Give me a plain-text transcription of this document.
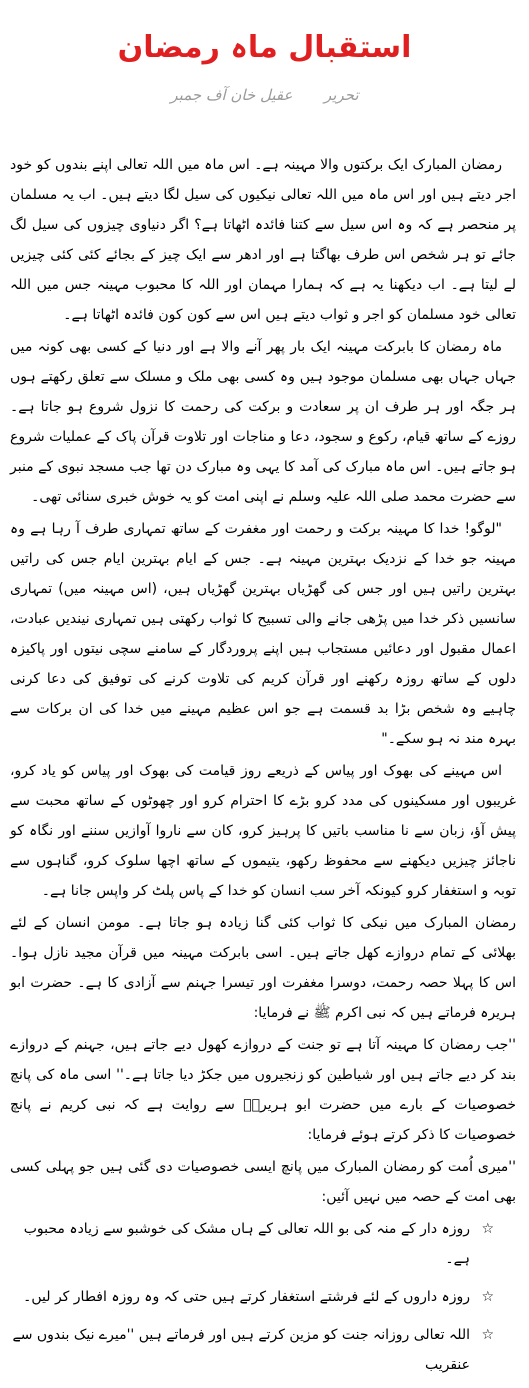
استقبال ماہ رمضان
تحریر  عقیل خان آف جمبر

رمضان المبارک ایک برکتوں والا مہینہ ہے۔ اس ماہ میں اللہ تعالی اپنے بندوں کو خود اجر دیتے ہیں اور اس ماہ میں اللہ تعالی نیکیوں کی سیل لگا دیتے ہیں۔ اب یہ مسلمان پر منحصر ہے کہ وہ اس سیل سے کتنا فائدہ اٹھاتا ہے؟ اگر دنیاوی چیزوں کی سیل لگ جائے تو ہر شخص اس طرف بھاگتا ہے اور ادھر سے ایک چیز کے بجائے کئی کئی چیزیں لے لیتا ہے۔ اب دیکھنا یہ ہے کہ ہمارا مہمان اور اللہ کا محبوب مہینہ جس میں اللہ تعالی خود مسلمان کو اجر و ثواب دیتے ہیں اس سے کون کون فائدہ اٹھاتا ہے۔

ماہ رمضان کا بابرکت مہینہ ایک بار پھر آنے والا ہے اور دنیا کے کسی بھی کونہ میں جہاں جہاں بھی مسلمان موجود ہیں وہ کسی بھی ملک و مسلک سے تعلق رکھتے ہوں ہر جگہ اور ہر طرف ان پر سعادت و برکت کی رحمت کا نزول شروع ہو جاتا ہے۔ روزے کے ساتھ قیام، رکوع و سجود، دعا و مناجات اور تلاوت قرآن پاک کے عملیات شروع ہو جاتے ہیں۔ اس ماہ مبارک کی آمد کا یہی وہ مبارک دن تھا جب مسجد نبوی کے منبر سے حضرت محمد صلی اللہ علیہ وسلم نے اپنی امت کو یہ خوش خبری سنائی تھی۔

"لوگو! خدا کا مہینہ برکت و رحمت اور مغفرت کے ساتھ تمہاری طرف آ رہا ہے وہ مہینہ جو خدا کے نزدیک بہترین مہینہ ہے۔ جس کے ایام بہترین ایام جس کی راتیں بہترین راتیں ہیں اور جس کی گھڑیاں بہترین گھڑیاں ہیں، (اس مہینہ میں) تمہاری سانسیں ذکر خدا میں پڑھی جانے والی تسبیح کا ثواب رکھتی ہیں تمہاری نیندیں عبادت، اعمال مقبول اور دعائیں مستجاب ہیں اپنے پروردگار کے سامنے سچی نیتوں اور پاکیزہ دلوں کے ساتھ روزہ رکھنے اور قرآن کریم کی تلاوت کرنے کی توفیق کی دعا کرنی چاہیے وہ شخص بڑا بد قسمت ہے جو اس عظیم مہینے میں خدا کی ان برکات سے بہرہ مند نہ ہو سکے۔"

اس مہینے کی بھوک اور پیاس کے ذریعے روز قیامت کی بھوک اور پیاس کو یاد کرو، غریبوں اور مسکینوں کی مدد کرو بڑے کا احترام کرو اور چھوٹوں کے ساتھ محبت سے پیش آؤ، زبان سے نا مناسب باتیں کا پرہیز کرو، کان سے ناروا آوازیں سننے اور نگاہ کو ناجائز چیزیں دیکھنے سے محفوظ رکھو، یتیموں کے ساتھ اچھا سلوک کرو، گناہوں سے توبہ و استغفار کرو کیونکہ آخر سب انسان کو خدا کے پاس پلٹ کر واپس جانا ہے۔

رمضان المبارک میں نیکی کا ثواب کئی گنا زیادہ ہو جاتا ہے۔ مومن انسان کے لئے بھلائی کے تمام دروازے کھل جاتے ہیں۔ اسی بابرکت مہینہ میں قرآن مجید نازل ہوا۔ اس کا پہلا حصہ رحمت، دوسرا مغفرت اور تیسرا جہنم سے آزادی کا ہے۔ حضرت ابو ہریرہ فرماتے ہیں کہ نبی اکرم ﷺ نے فرمایا:

''جب رمضان کا مہینہ آتا ہے تو جنت کے دروازے کھول دیے جاتے ہیں، جہنم کے دروازے بند کر دیے جاتے ہیں اور شیاطین کو زنجیروں میں جکڑ دیا جاتا ہے۔'' اسی ماہ کی پانچ خصوصیات کے بارے میں حضرت ابو ہریرہؓ سے روایت ہے کہ نبی کریم نے پانچ خصوصیات کا ذکر کرتے ہوئے فرمایا:

''میری اُمت کو رمضان المبارک میں پانچ ایسی خصوصیات دی گئی ہیں جو پہلی کسی بھی امت کے حصہ میں نہیں آئیں:

☆
روزہ دار کے منہ کی بو اللہ تعالی کے ہاں مشک کی خوشبو سے زیادہ محبوب ہے۔
☆
روزہ داروں کے لئے فرشتے استغفار کرتے ہیں حتی کہ وہ روزہ افطار کر لیں۔
☆
اللہ تعالی روزانہ جنت کو مزین کرتے ہیں اور فرماتے ہیں ''میرے نیک بندوں سے عنقریب
